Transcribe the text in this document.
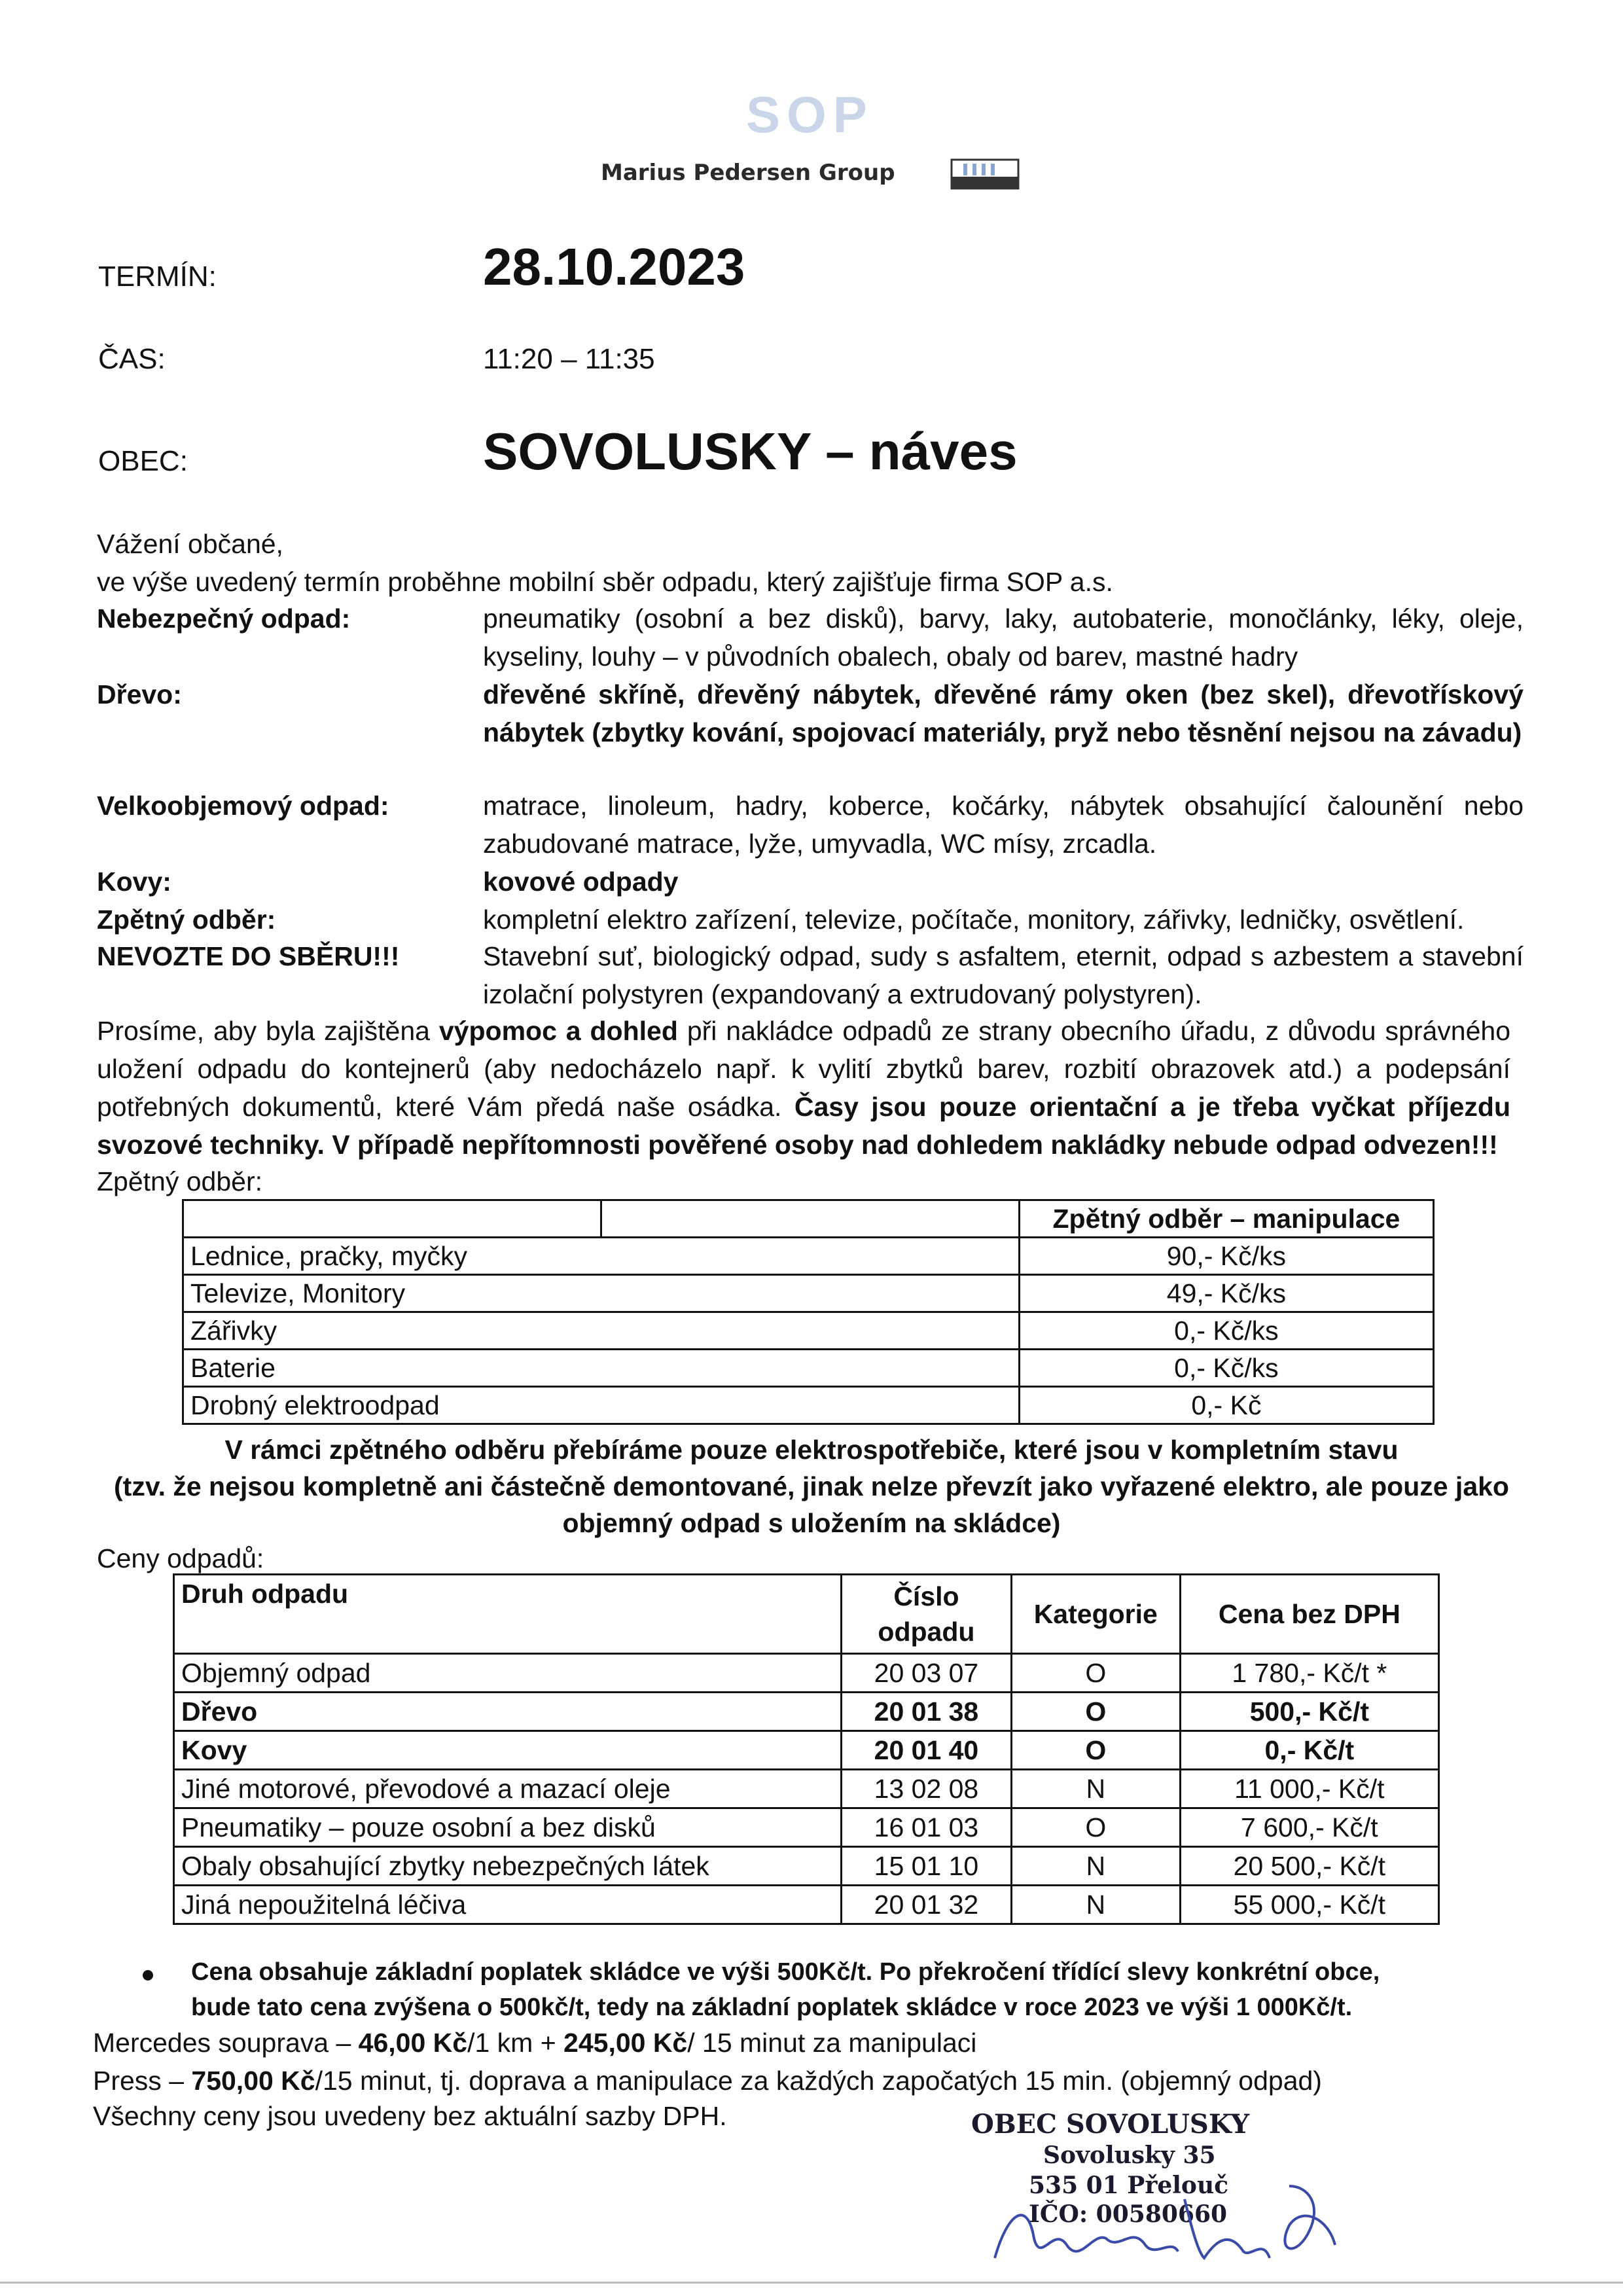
SOP
Marius Pedersen Group
TERMÍN:	28.10.2023
ČAS:	11:20 – 11:35
OBEC:	SOVOLUSKY – náves
Vážení občané,
ve výše uvedený termín proběhne mobilní sběr odpadu, který zajišťuje firma SOP a.s.
Nebezpečný odpad:	pneumatiky (osobní a bez disků), barvy, laky, autobaterie, monočlánky, léky, oleje, kyseliny, louhy – v původních obalech, obaly od barev, mastné hadry
Dřevo:	dřevěné skříně, dřevěný nábytek, dřevěné rámy oken (bez skel), dřevotřískový nábytek (zbytky kování, spojovací materiály, pryž nebo těsnění nejsou na závadu)
Velkoobjemový odpad:	matrace, linoleum, hadry, koberce, kočárky, nábytek obsahující čalounění nebo zabudované matrace, lyže, umyvadla, WC mísy, zrcadla.
Kovy:	kovové odpady
Zpětný odběr:	kompletní elektro zařízení, televize, počítače, monitory, zářivky, ledničky, osvětlení.
NEVOZTE DO SBĚRU!!!	Stavební suť, biologický odpad, sudy s asfaltem, eternit, odpad s azbestem a stavební izolační polystyren (expandovaný a extrudovaný polystyren).
Prosíme, aby byla zajištěna výpomoc a dohled při nakládce odpadů ze strany obecního úřadu, z důvodu správného uložení odpadu do kontejnerů (aby nedocházelo např. k vylití zbytků barev, rozbití obrazovek atd.) a podepsání potřebných dokumentů, které Vám předá naše osádka. Časy jsou pouze orientační a je třeba vyčkat příjezdu svozové techniky. V případě nepřítomnosti pověřené osoby nad dohledem nakládky nebude odpad odvezen!!!
Zpětný odběr:
		Zpětný odběr – manipulace
Lednice, pračky, myčky		90,- Kč/ks
Televize, Monitory		49,- Kč/ks
Zářivky		0,- Kč/ks
Baterie		0,- Kč/ks
Drobný elektroodpad		0,- Kč
V rámci zpětného odběru přebíráme pouze elektrospotřebiče, které jsou v kompletním stavu
(tzv. že nejsou kompletně ani částečně demontované, jinak nelze převzít jako vyřazené elektro, ale pouze jako
objemný odpad s uložením na skládce)
Ceny odpadů:
Druh odpadu	Číslo odpadu	Kategorie	Cena bez DPH
Objemný odpad	20 03 07	O	1 780,- Kč/t *
Dřevo	20 01 38	O	500,- Kč/t
Kovy	20 01 40	O	0,- Kč/t
Jiné motorové, převodové a mazací oleje	13 02 08	N	11 000,- Kč/t
Pneumatiky – pouze osobní a bez disků	16 01 03	O	7 600,- Kč/t
Obaly obsahující zbytky nebezpečných látek	15 01 10	N	20 500,- Kč/t
Jiná nepoužitelná léčiva	20 01 32	N	55 000,- Kč/t
Cena obsahuje základní poplatek skládce ve výši 500Kč/t. Po překročení třídící slevy konkrétní obce,
bude tato cena zvýšena o 500kč/t, tedy na základní poplatek skládce v roce 2023 ve výši 1 000Kč/t.
Mercedes souprava – 46,00 Kč/1 km + 245,00 Kč/ 15 minut za manipulaci
Press – 750,00 Kč/15 minut, tj. doprava a manipulace za každých započatých 15 min. (objemný odpad)
Všechny ceny jsou uvedeny bez aktuální sazby DPH.	OBEC SOVOLUSKY
Sovolusky 35
535 01 Přelouč
IČO: 00580660
